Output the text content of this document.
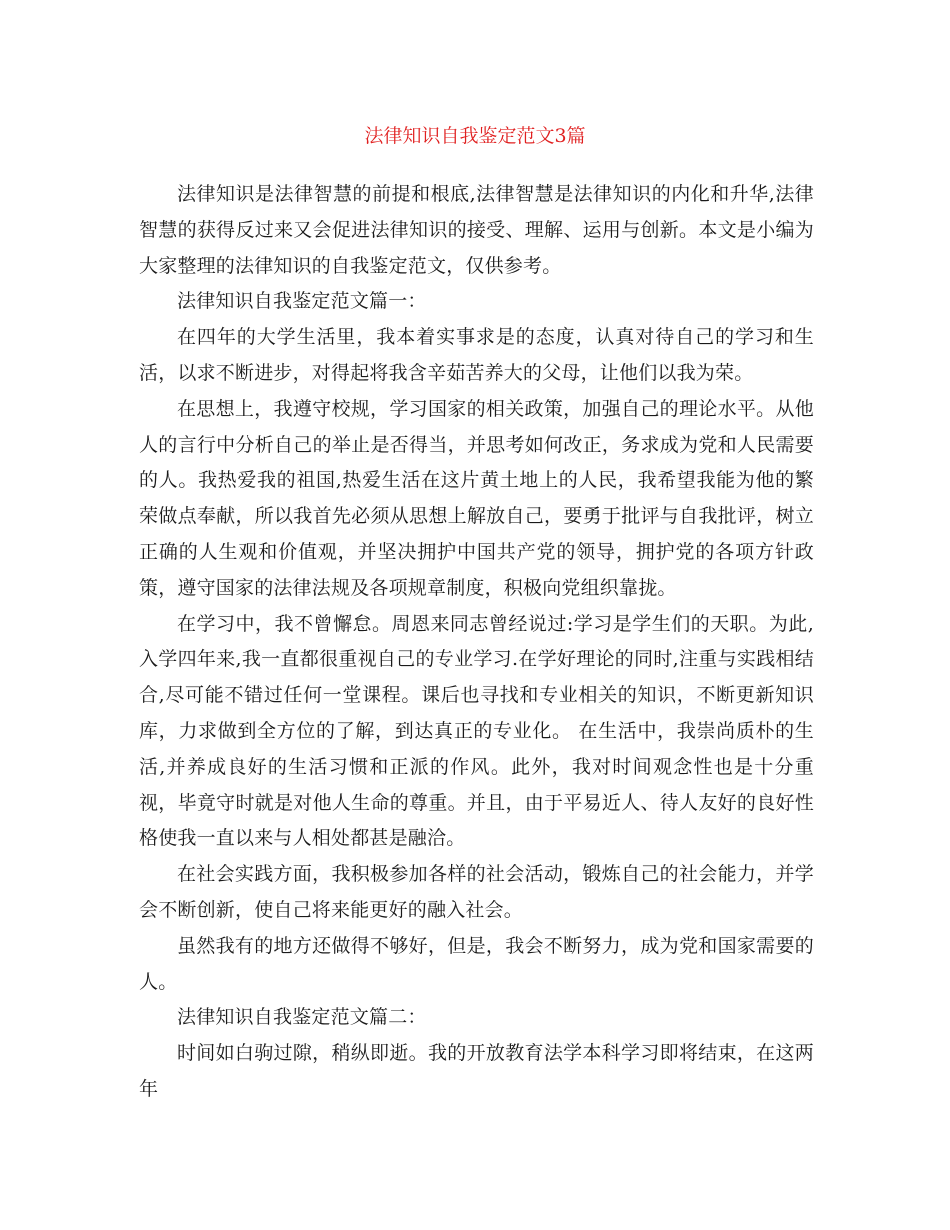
法律知识自我鉴定范文3篇

法律知识是法律智慧的前提和根底,法律智慧是法律知识的内化和升华,法律智慧的获得反过来又会促进法律知识的接受、理解、运用与创新。本文是小编为大家整理的法律知识的自我鉴定范文，仅供参考。

法律知识自我鉴定范文篇一：

在四年的大学生活里，我本着实事求是的态度，认真对待自己的学习和生活，以求不断进步，对得起将我含辛茹苦养大的父母，让他们以我为荣。

在思想上，我遵守校规，学习国家的相关政策，加强自己的理论水平。从他人的言行中分析自己的举止是否得当，并思考如何改正，务求成为党和人民需要的人。我热爱我的祖国,热爱生活在这片黄土地上的人民，我希望我能为他的繁荣做点奉献，所以我首先必须从思想上解放自己，要勇于批评与自我批评，树立正确的人生观和价值观，并坚决拥护中国共产党的领导，拥护党的各项方针政策，遵守国家的法律法规及各项规章制度，积极向党组织靠拢。

在学习中，我不曾懈怠。周恩来同志曾经说过:学习是学生们的天职。为此,入学四年来,我一直都很重视自己的专业学习.在学好理论的同时,注重与实践相结合,尽可能不错过任何一堂课程。课后也寻找和专业相关的知识，不断更新知识库，力求做到全方位的了解，到达真正的专业化。 在生活中，我崇尚质朴的生活,并养成良好的生活习惯和正派的作风。此外，我对时间观念性也是十分重视，毕竟守时就是对他人生命的尊重。并且，由于平易近人、待人友好的良好性格使我一直以来与人相处都甚是融洽。

在社会实践方面，我积极参加各样的社会活动，锻炼自己的社会能力，并学会不断创新，使自己将来能更好的融入社会。

虽然我有的地方还做得不够好，但是，我会不断努力，成为党和国家需要的人。

法律知识自我鉴定范文篇二：

时间如白驹过隙，稍纵即逝。我的开放教育法学本科学习即将结束，在这两年
